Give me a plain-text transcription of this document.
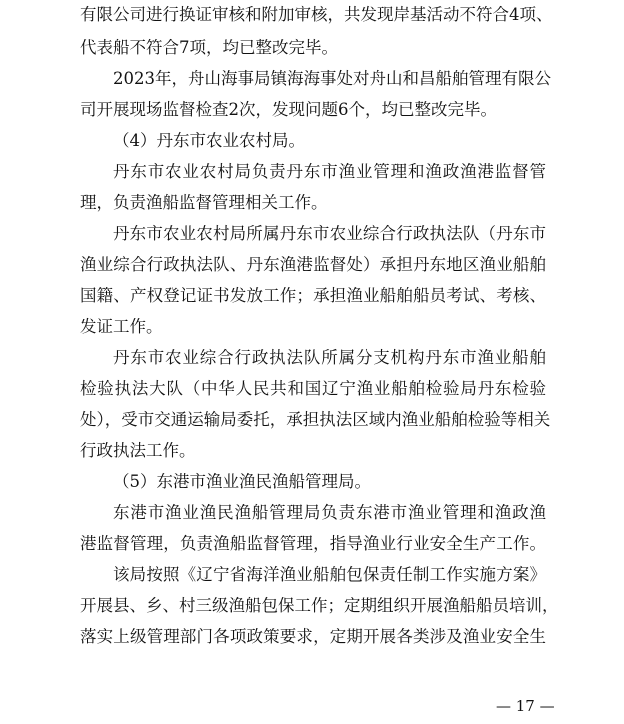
有限公司进行换证审核和附加审核，共发现岸基活动不符合4项、
代表船不符合7项，均已整改完毕。
2023年，舟山海事局镇海海事处对舟山和昌船舶管理有限公
司开展现场监督检查2次，发现问题6个，均已整改完毕。
（4）丹东市农业农村局。
丹东市农业农村局负责丹东市渔业管理和渔政渔港监督管
理，负责渔船监督管理相关工作。
丹东市农业农村局所属丹东市农业综合行政执法队（丹东市
渔业综合行政执法队、丹东渔港监督处）承担丹东地区渔业船舶
国籍、产权登记证书发放工作；承担渔业船舶船员考试、考核、
发证工作。
丹东市农业综合行政执法队所属分支机构丹东市渔业船舶
检验执法大队（中华人民共和国辽宁渔业船舶检验局丹东检验
处），受市交通运输局委托，承担执法区域内渔业船舶检验等相关
行政执法工作。
（5）东港市渔业渔民渔船管理局。
东港市渔业渔民渔船管理局负责东港市渔业管理和渔政渔
港监督管理，负责渔船监督管理，指导渔业行业安全生产工作。
该局按照《辽宁省海洋渔业船舶包保责任制工作实施方案》
开展县、乡、村三级渔船包保工作；定期组织开展渔船船员培训，
落实上级管理部门各项政策要求，定期开展各类涉及渔业安全生
— 17 —
